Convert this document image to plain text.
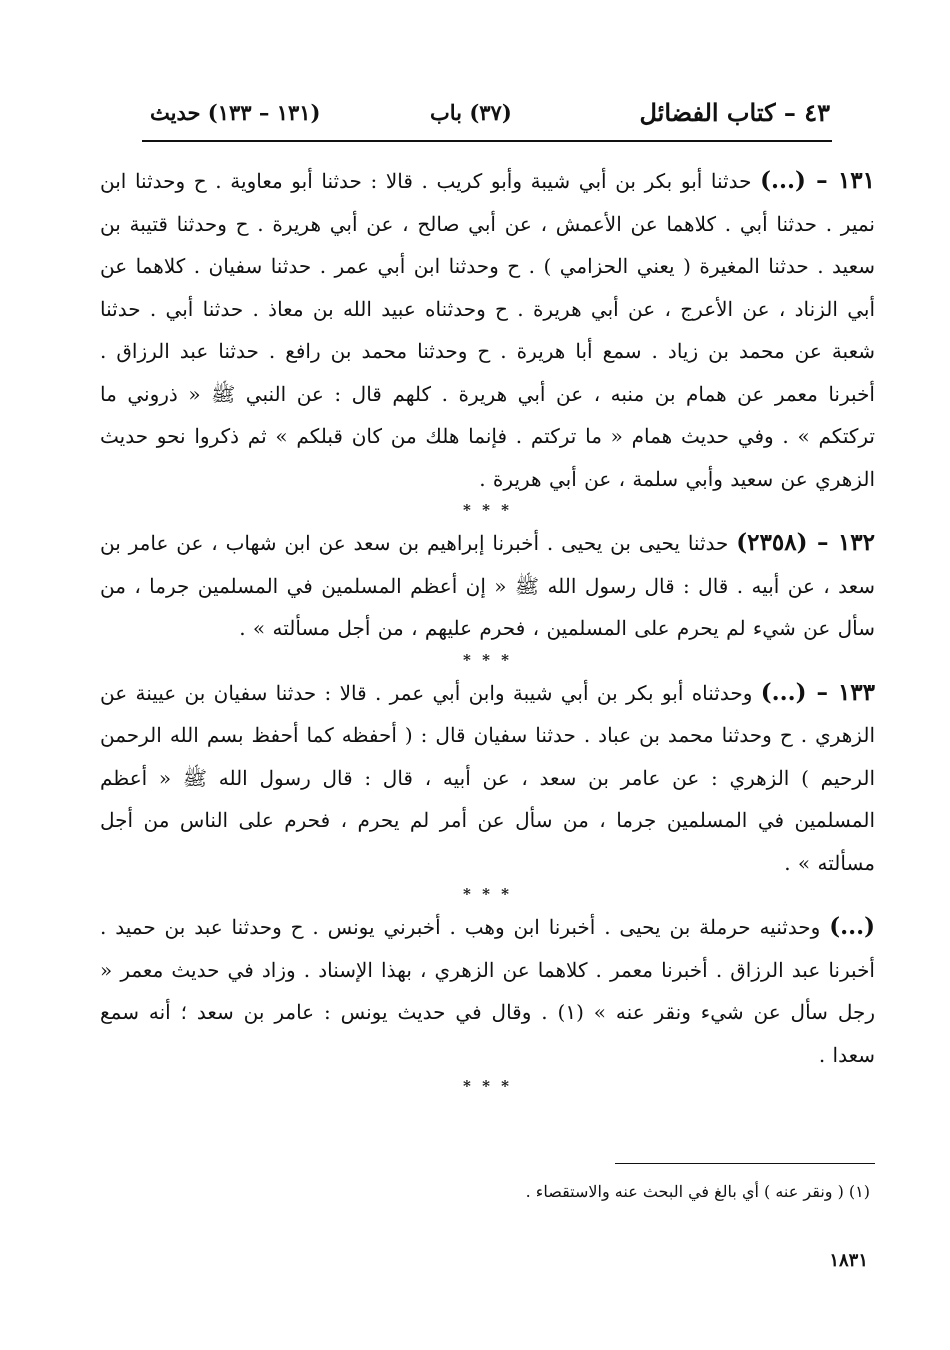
٤٣ – كتاب الفضائل
(٣٧) باب
(١٣١ – ١٣٣) حديث

١٣١ – (...) حدثنا أبو بكر بن أبي شيبة وأبو كريب . قالا : حدثنا أبو معاوية . ح وحدثنا ابن نمير . حدثنا أبي . كلاهما عن الأعمش ، عن أبي صالح ، عن أبي هريرة . ح وحدثنا قتيبة بن سعيد . حدثنا المغيرة ( يعني الحزامي ) . ح وحدثنا ابن أبي عمر . حدثنا سفيان . كلاهما عن أبي الزناد ، عن الأعرج ، عن أبي هريرة . ح وحدثناه عبيد الله بن معاذ . حدثنا أبي . حدثنا شعبة عن محمد بن زياد . سمع أبا هريرة . ح وحدثنا محمد بن رافع . حدثنا عبد الرزاق . أخبرنا معمر عن همام بن منبه ، عن أبي هريرة . كلهم قال : عن النبي ﷺ « ذروني ما تركتكم » . وفي حديث همام « ما تركتم . فإنما هلك من كان قبلكم » ثم ذكروا نحو حديث الزهري عن سعيد وأبي سلمة ، عن أبي هريرة .

* * *

١٣٢ – (٢٣٥٨) حدثنا يحيى بن يحيى . أخبرنا إبراهيم بن سعد عن ابن شهاب ، عن عامر بن سعد ، عن أبيه . قال : قال رسول الله ﷺ « إن أعظم المسلمين في المسلمين جرما ، من سأل عن شيء لم يحرم على المسلمين ، فحرم عليهم ، من أجل مسألته » .

* * *

١٣٣ – (...) وحدثناه أبو بكر بن أبي شيبة وابن أبي عمر . قالا : حدثنا سفيان بن عيينة عن الزهري . ح وحدثنا محمد بن عباد . حدثنا سفيان قال : ( أحفظه كما أحفظ بسم الله الرحمن الرحيم ) الزهري : عن عامر بن سعد ، عن أبيه ، قال : قال رسول الله ﷺ « أعظم المسلمين في المسلمين جرما ، من سأل عن أمر لم يحرم ، فحرم على الناس من أجل مسألته » .

* * *

(...) وحدثنيه حرملة بن يحيى . أخبرنا ابن وهب . أخبرني يونس . ح وحدثنا عبد بن حميد . أخبرنا عبد الرزاق . أخبرنا معمر . كلاهما عن الزهري ، بهذا الإسناد . وزاد في حديث معمر « رجل سأل عن شيء ونقر عنه » (١) . وقال في حديث يونس : عامر بن سعد ؛ أنه سمع سعدا .

* * *
(١) ( ونقر عنه ) أي بالغ في البحث عنه والاستقصاء .
١٨٣١
